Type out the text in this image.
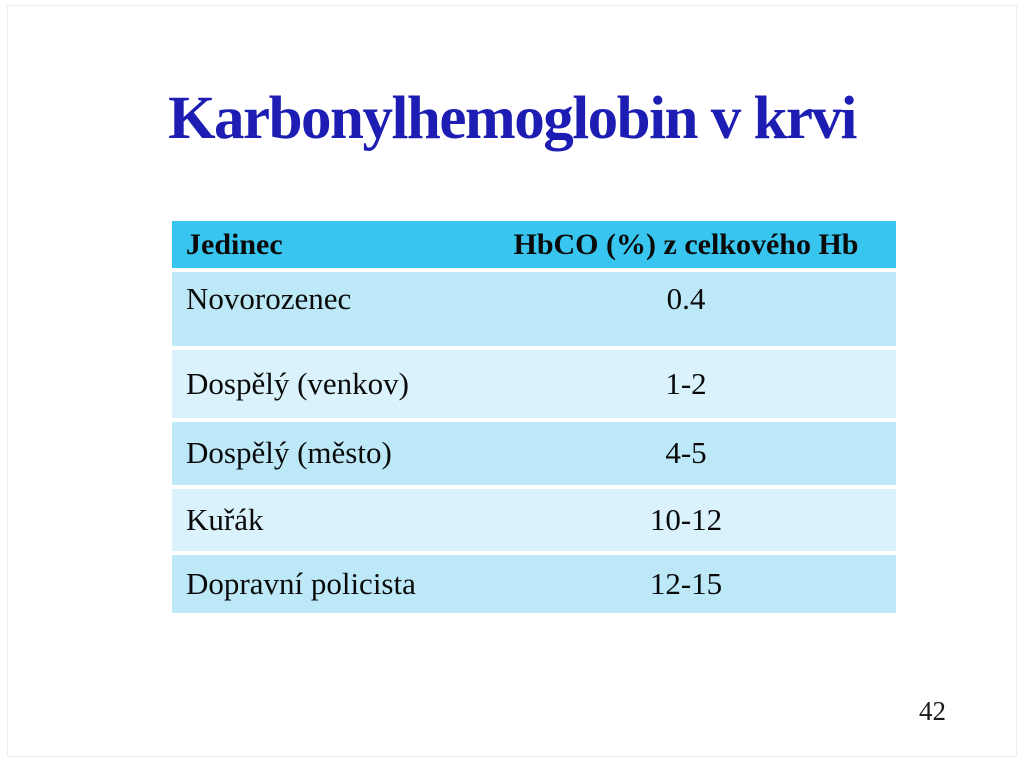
Karbonylhemoglobin v krvi
Jedinec	HbCO (%) z celkového Hb
Novorozenec	0.4
Dospělý (venkov)	1-2
Dospělý (město)	4-5
Kuřák	10-12
Dopravní policista	12-15
42
